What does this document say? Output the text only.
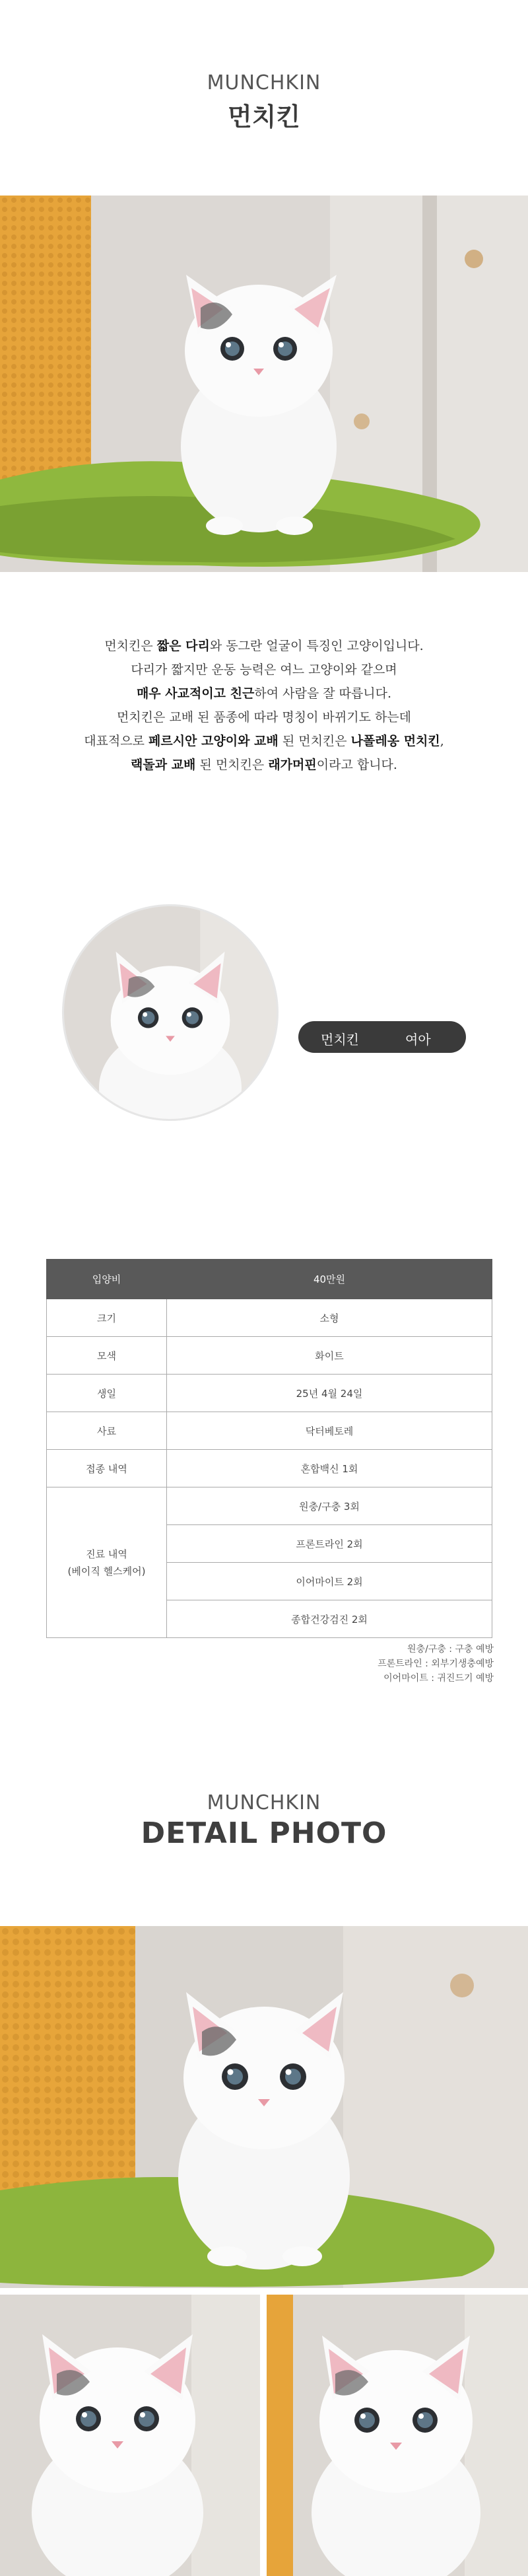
MUNCHKIN
먼치킨

먼치킨은 짧은 다리와 동그란 얼굴이 특징인 고양이입니다.

다리가 짧지만 운동 능력은 여느 고양이와 같으며

매우 사교적이고 친근하여 사람을 잘 따릅니다.

먼치킨은 교배 된 품종에 따라 명칭이 바뀌기도 하는데

대표적으로 페르시안 고양이와 교배 된 먼치킨은 나폴레옹 먼치킨,

랙돌과 교배 된 먼치킨은 래가머핀이라고 합니다.

먼치킨	여아
입양비	40만원
크기	소형
모색	화이트
생일	25년 4월 24일
사료	닥터베토레
접종 내역	혼합백신 1회

진료 내역
(베이직 헬스케어)	원충/구충 3회
	프론트라인 2회
	이어마이트 2회
	종합건강검진 2회
원충/구충 : 구충 예방
프론트라인 : 외부기생충예방
이어마이트 : 귀진드기 예방
MUNCHKIN
DETAIL PHOTO
